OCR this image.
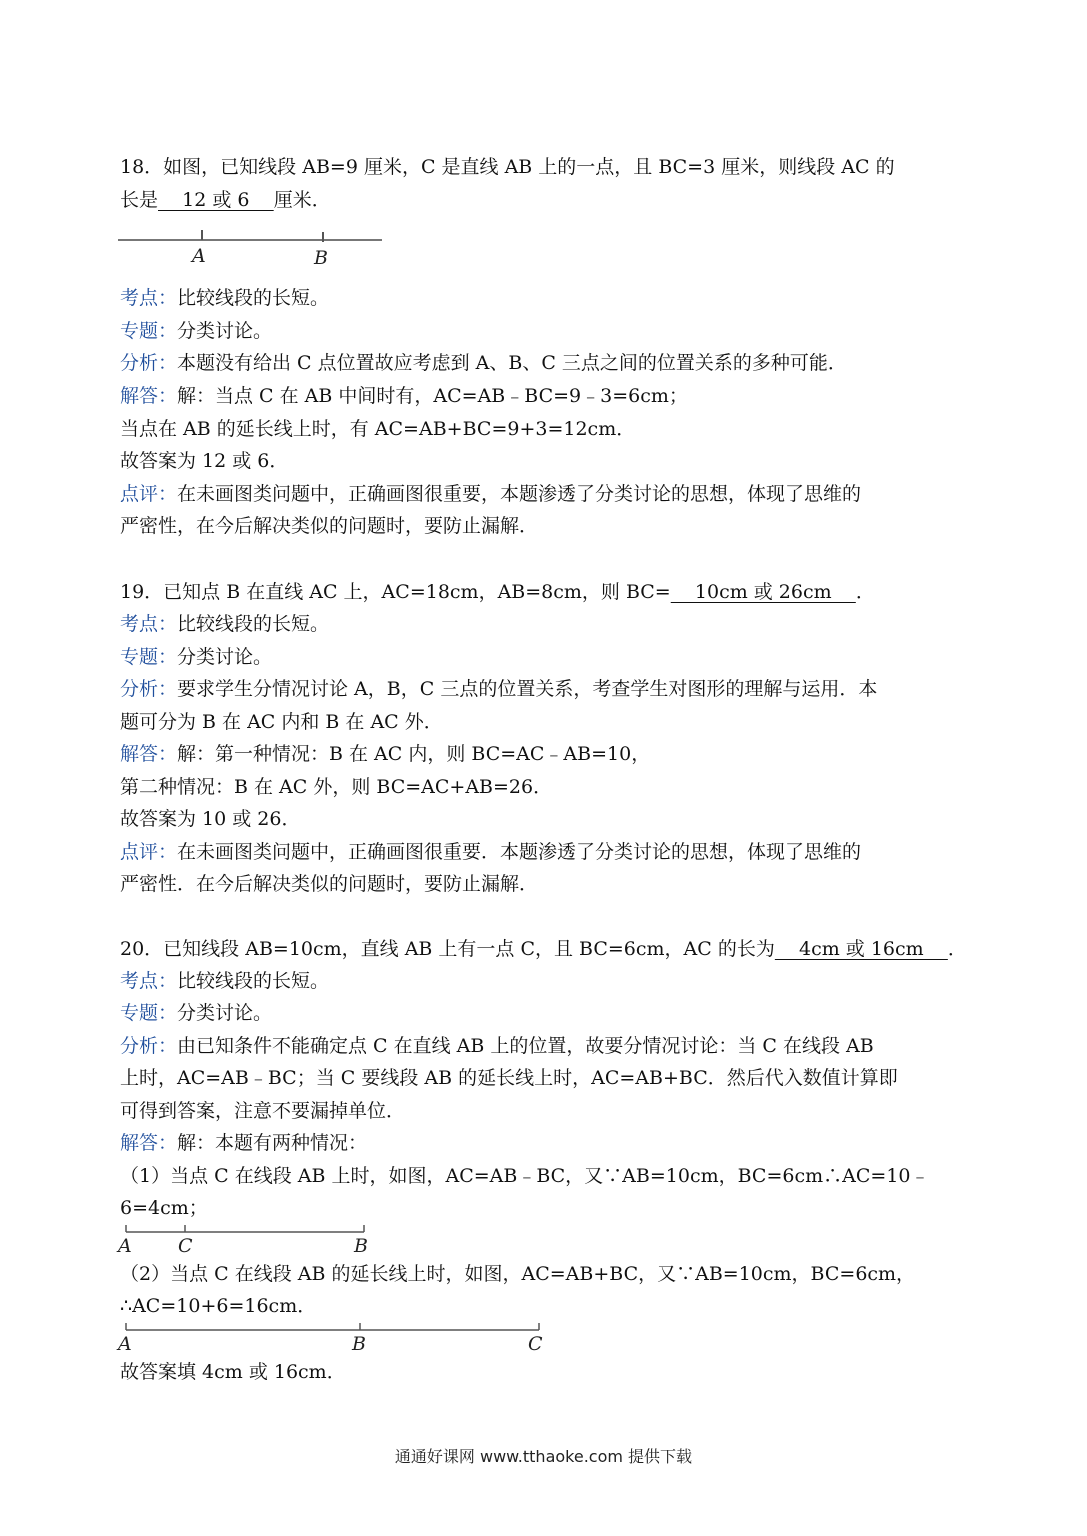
18．如图，已知线段 AB=9 厘米，C 是直线 AB 上的一点，且 BC=3 厘米，则线段 AC 的
长是    12 或 6    厘米．
A	B
考点：比较线段的长短。
专题：分类讨论。
分析：本题没有给出 C 点位置故应考虑到 A、B、C 三点之间的位置关系的多种可能．
解答：解：当点 C 在 AB 中间时有，AC=AB﹣BC=9﹣3=6cm；
当点在 AB 的延长线上时，有 AC=AB+BC=9+3=12cm．
故答案为 12 或 6．
点评：在未画图类问题中，正确画图很重要，本题渗透了分类讨论的思想，体现了思维的
严密性，在今后解决类似的问题时，要防止漏解．
19．已知点 B 在直线 AC 上，AC=18cm，AB=8cm，则 BC=    10cm 或 26cm    ．
考点：比较线段的长短。
专题：分类讨论。
分析：要求学生分情况讨论 A，B，C 三点的位置关系，考查学生对图形的理解与运用．本
题可分为 B 在 AC 内和 B 在 AC 外．
解答：解：第一种情况：B 在 AC 内，则 BC=AC﹣AB=10，
第二种情况：B 在 AC 外，则 BC=AC+AB=26．
故答案为 10 或 26．
点评：在未画图类问题中，正确画图很重要．本题渗透了分类讨论的思想，体现了思维的
严密性．在今后解决类似的问题时，要防止漏解．
20．已知线段 AB=10cm，直线 AB 上有一点 C，且 BC=6cm，AC 的长为    4cm 或 16cm    ．
考点：比较线段的长短。
专题：分类讨论。
分析：由已知条件不能确定点 C 在直线 AB 上的位置，故要分情况讨论：当 C 在线段 AB
上时，AC=AB﹣BC；当 C 要线段 AB 的延长线上时，AC=AB+BC．然后代入数值计算即
可得到答案，注意不要漏掉单位．
解答：解：本题有两种情况：
（1）当点 C 在线段 AB 上时，如图，AC=AB﹣BC，又∵AB=10cm，BC=6cm∴AC=10﹣
6=4cm；
A C	B
（2）当点 C 在线段 AB 的延长线上时，如图，AC=AB+BC，又∵AB=10cm，BC=6cm，
∴AC=10+6=16cm．
A	B	C
故答案填 4cm 或 16cm．
通通好课网 www.tthaoke.com 提供下载
